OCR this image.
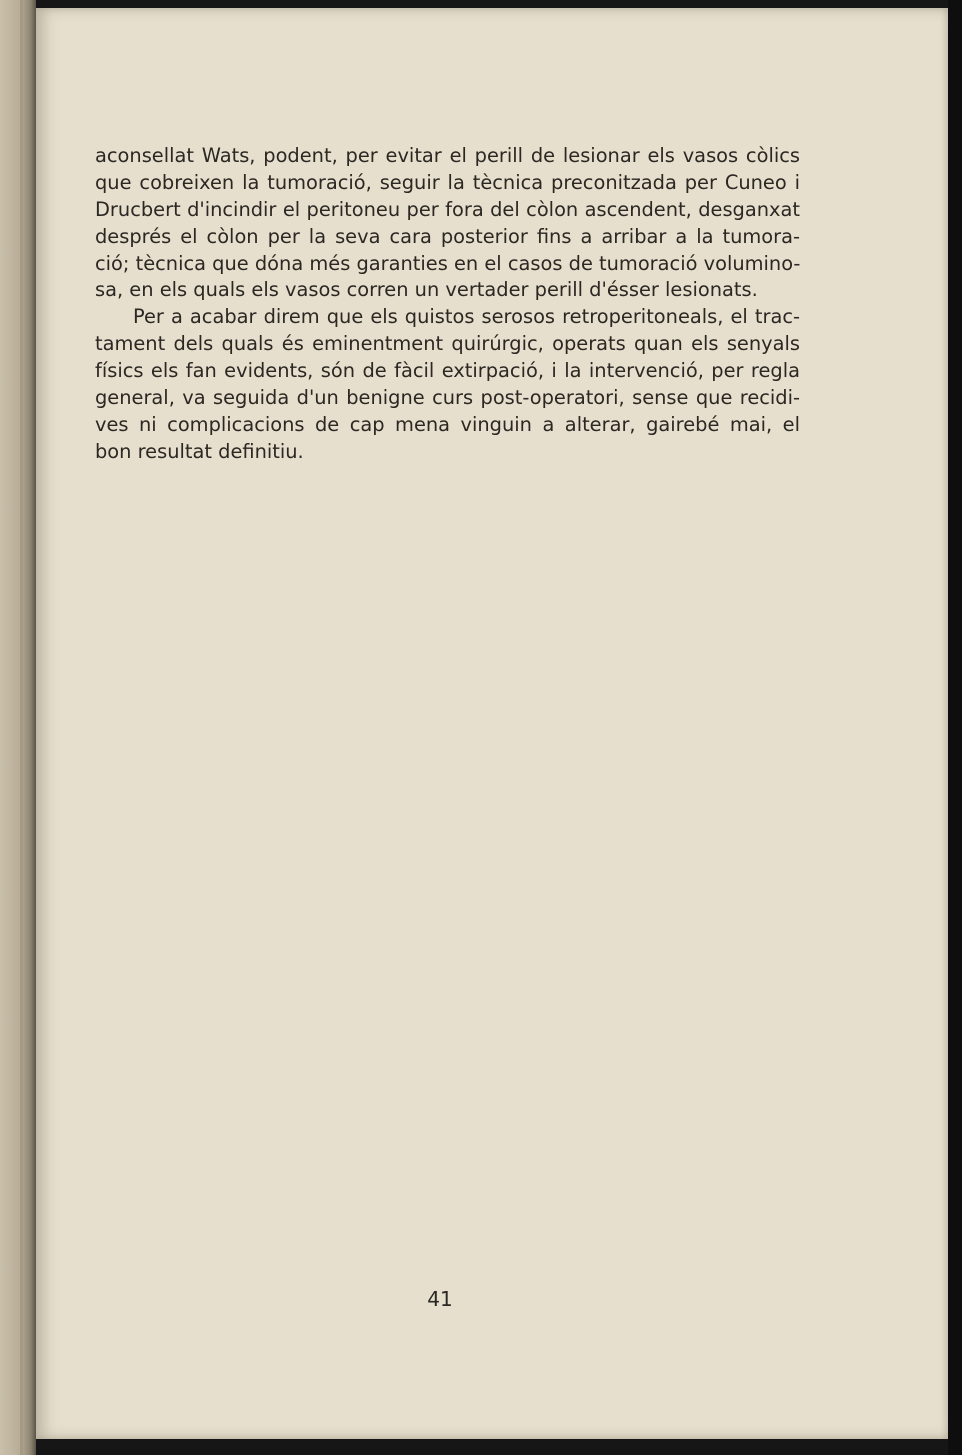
aconsellat Wats, podent, per evitar el perill de lesionar els vasos còlics
que cobreixen la tumoració, seguir la tècnica preconitzada per Cuneo i
Drucbert d'incindir el peritoneu per fora del còlon ascendent, desganxat
després el còlon per la seva cara posterior fins a arribar a la tumora-
ció; tècnica que dóna més garanties en el casos de tumoració volumino-
sa, en els quals els vasos corren un vertader perill d'ésser lesionats.
Per a acabar direm que els quistos serosos retroperitoneals, el trac-
tament dels quals és eminentment quirúrgic, operats quan els senyals
físics els fan evidents, són de fàcil extirpació, i la intervenció, per regla
general, va seguida d'un benigne curs post-operatori, sense que recidi-
ves ni complicacions de cap mena vinguin a alterar, gairebé mai, el
bon resultat definitiu.
41
